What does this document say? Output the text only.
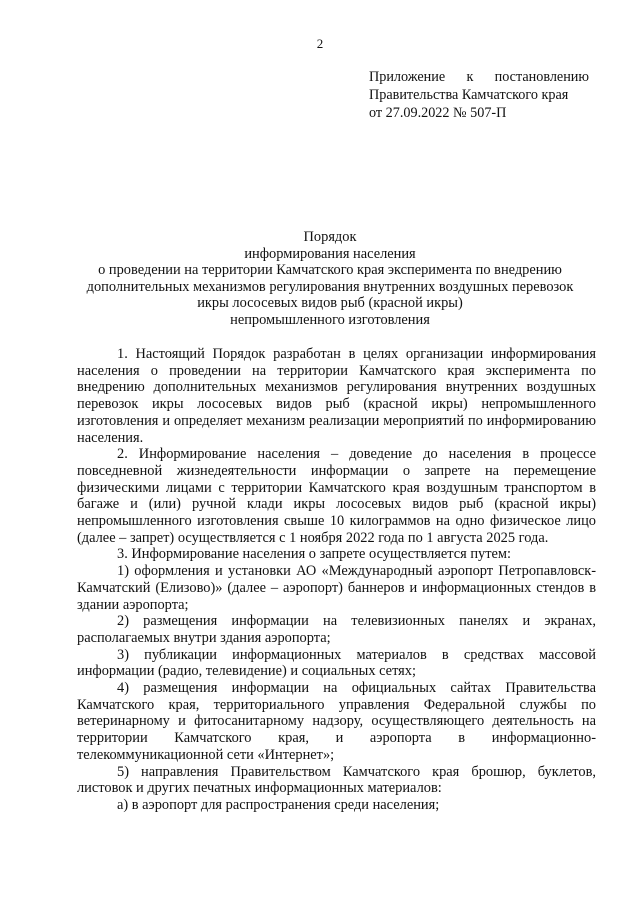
2
Приложение к постановлению
Правительства Камчатского края
от 27.09.2022 № 507-П
Порядок
информирования населения
о проведении на территории Камчатского края эксперимента по внедрению
дополнительных механизмов регулирования внутренних воздушных перевозок
икры лососевых видов рыб (красной икры)
непромышленного изготовления

1. Настоящий Порядок разработан в целях организации информирования населения о проведении на территории Камчатского края эксперимента по внедрению дополнительных механизмов регулирования внутренних воздушных перевозок икры лососевых видов рыб (красной икры) непромышленного изготовления и определяет механизм реализации мероприятий по информированию населения.

2. Информирование населения – доведение до населения в процессе повседневной жизнедеятельности информации о запрете на перемещение физическими лицами с территории Камчатского края воздушным транспортом в багаже и (или) ручной клади икры лососевых видов рыб (красной икры) непромышленного изготовления свыше 10 килограммов на одно физическое лицо (далее – запрет) осуществляется с 1 ноября 2022 года по 1 августа 2025 года.

3. Информирование населения о запрете осуществляется путем:

1) оформления и установки АО «Международный аэропорт Петропавловск-Камчатский (Елизово)» (далее – аэропорт) баннеров и информационных стендов в здании аэропорта;

2) размещения информации на телевизионных панелях и экранах, располагаемых внутри здания аэропорта;

3) публикации информационных материалов в средствах массовой информации (радио, телевидение) и социальных сетях;

4) размещения информации на официальных сайтах Правительства Камчатского края, территориального управления Федеральной службы по ветеринарному и фитосанитарному надзору, осуществляющего деятельность на территории Камчатского края, и аэропорта в информационно-телекоммуникационной сети «Интернет»;

5) направления Правительством Камчатского края брошюр, буклетов, листовок и других печатных информационных материалов:

а) в аэропорт для распространения среди населения;
